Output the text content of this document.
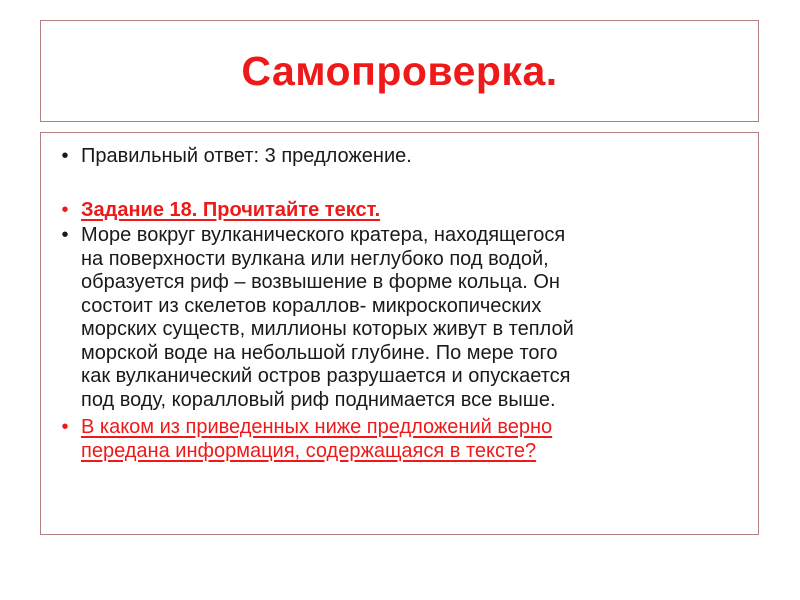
Самопроверка.
• Правильный ответ: 3 предложение.
• Задание 18. Прочитайте текст.
• Море вокруг вулканического кратера, находящегося
на поверхности вулкана или неглубоко под водой,
образуется риф – возвышение в форме кольца. Он
состоит из скелетов кораллов- микроскопических
морских существ, миллионы которых живут в теплой
морской воде на небольшой глубине. По мере того
как вулканический остров разрушается и опускается
под воду, коралловый риф поднимается все выше.
• В каком из приведенных ниже предложений верно
передана информация, содержащаяся в тексте?
